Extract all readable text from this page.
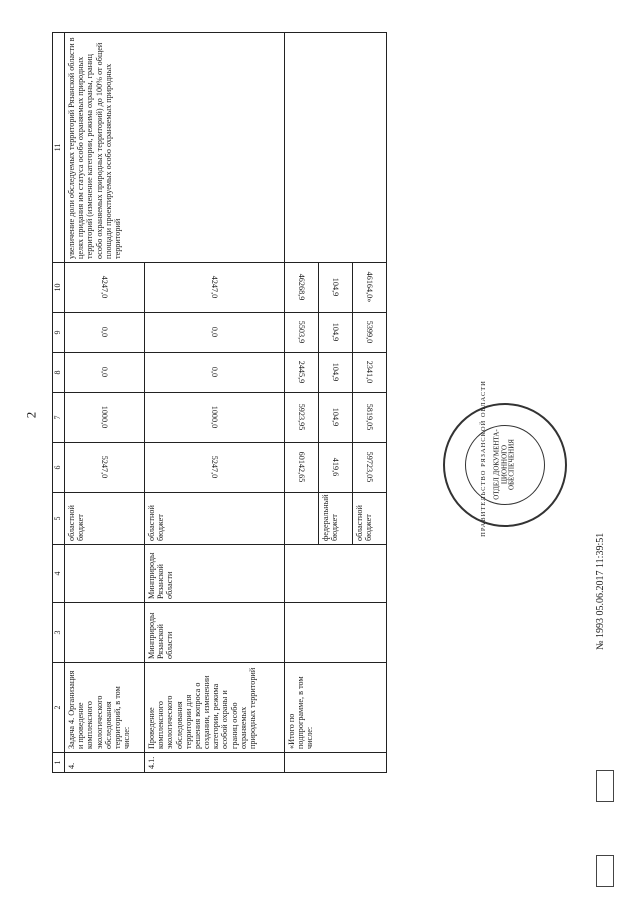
2
1	2	3	4	5	6	7	8	9	10	11
4.	Задача 4. Организация и проведение комплексного экологического обследования территорий, в том числе:			областной бюджет	5247,0	1000,0	0,0	0,0	4247,0	увеличение доли обследуемых территорий Рязанской области в целях придания им статуса особо охраняемых природных территорий (изменение категории, режима охраны, границ особо охраняемых природных территорий) до 100% от общей площади проектируемых особо охраняемых природных территорий
4.1.	Проведение комплексного экологического обследования территории для решения вопроса о создании, изменении категории, режима особой охраны и границ особо охраняемых природных территорий	Минприроды Рязанской области	Минприроды Рязанской области	областной бюджет	5247,0	1000,0	0,0	0,0	4247,0	
	«Итого по подпрограмме, в том числе:				60142,65	5923,95	2445,9	5503,9	46268,9	
				федеральный бюджет	419,6	104,9	104,9	104,9	104,9	
				областной бюджет	59723,05	5819,05	2341,0	5399,0	46164,0»	
ОТДЕЛ ДОКУМЕНТА- ЦИОННОГО ОБЕСПЕЧЕНИЯ
ПРАВИТЕЛЬСТВО РЯЗАНСКОЙ ОБЛАСТИ
№ 1993 05.06.2017 11:39:51
